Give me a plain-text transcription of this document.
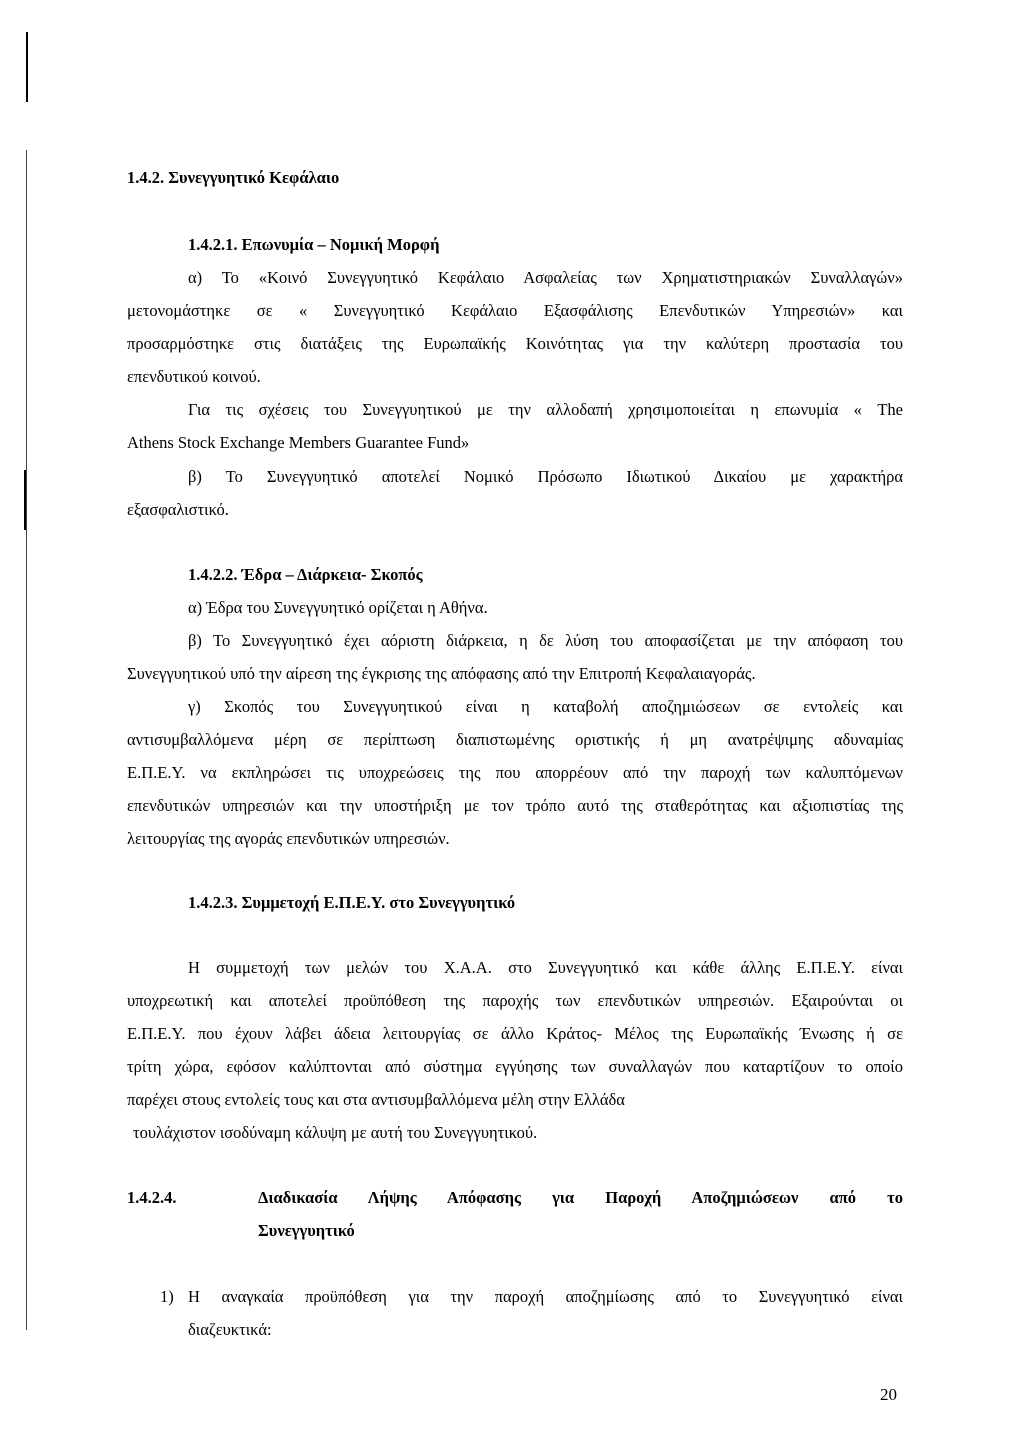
1.4.2. Συνεγγυητικό Κεφάλαιο
1.4.2.1. Επωνυμία – Νομική Μορφή
α) Το «Κοινό Συνεγγυητικό Κεφάλαιο Ασφαλείας των Χρηματιστηριακών Συναλλαγών»
μετονομάστηκε σε « Συνεγγυητικό Κεφάλαιο Εξασφάλισης Επενδυτικών Υπηρεσιών» και
προσαρμόστηκε στις διατάξεις της Ευρωπαϊκής Κοινότητας για την καλύτερη προστασία του
επενδυτικού κοινού.
Για τις σχέσεις του Συνεγγυητικού με την αλλοδαπή χρησιμοποιείται η επωνυμία « The
Athens Stock Exchange Members Guarantee Fund»
β) Το Συνεγγυητικό αποτελεί Νομικό Πρόσωπο Ιδιωτικού Δικαίου με χαρακτήρα
εξασφαλιστικό.
1.4.2.2. Έδρα – Διάρκεια- Σκοπός
α) Έδρα του Συνεγγυητικό ορίζεται η Αθήνα.
β) Το Συνεγγυητικό έχει αόριστη διάρκεια, η δε λύση του αποφασίζεται με την απόφαση του
Συνεγγυητικού υπό την αίρεση της έγκρισης της απόφασης από την Επιτροπή Κεφαλαιαγοράς.
γ) Σκοπός του Συνεγγυητικού είναι η καταβολή αποζημιώσεων σε εντολείς και
αντισυμβαλλόμενα μέρη σε περίπτωση διαπιστωμένης οριστικής ή μη ανατρέψιμης αδυναμίας
Ε.Π.Ε.Υ. να εκπληρώσει τις υποχρεώσεις της που απορρέουν από την παροχή των καλυπτόμενων
επενδυτικών υπηρεσιών και την υποστήριξη με τον τρόπο αυτό της σταθερότητας και αξιοπιστίας της
λειτουργίας της αγοράς επενδυτικών υπηρεσιών.
1.4.2.3. Συμμετοχή Ε.Π.Ε.Υ. στο Συνεγγυητικό
Η συμμετοχή των μελών του Χ.Α.Α. στο Συνεγγυητικό και κάθε άλλης Ε.Π.Ε.Υ. είναι
υποχρεωτική και αποτελεί προϋπόθεση της παροχής των επενδυτικών υπηρεσιών. Εξαιρούνται οι
Ε.Π.Ε.Υ. που έχουν λάβει άδεια λειτουργίας σε άλλο Κράτος- Μέλος της Ευρωπαϊκής Ένωσης ή σε
τρίτη χώρα, εφόσον καλύπτονται από σύστημα εγγύησης των συναλλαγών που καταρτίζουν το οποίο
παρέχει στους εντολείς τους και στα αντισυμβαλλόμενα μέλη στην Ελλάδα
τουλάχιστον ισοδύναμη κάλυψη με αυτή του Συνεγγυητικού.
1.4.2.4.	Διαδικασία Λήψης Απόφασης για Παροχή Αποζημιώσεων από το
Συνεγγυητικό
1) Η αναγκαία προϋπόθεση για την παροχή αποζημίωσης από το Συνεγγυητικό είναι
διαζευκτικά:
20
